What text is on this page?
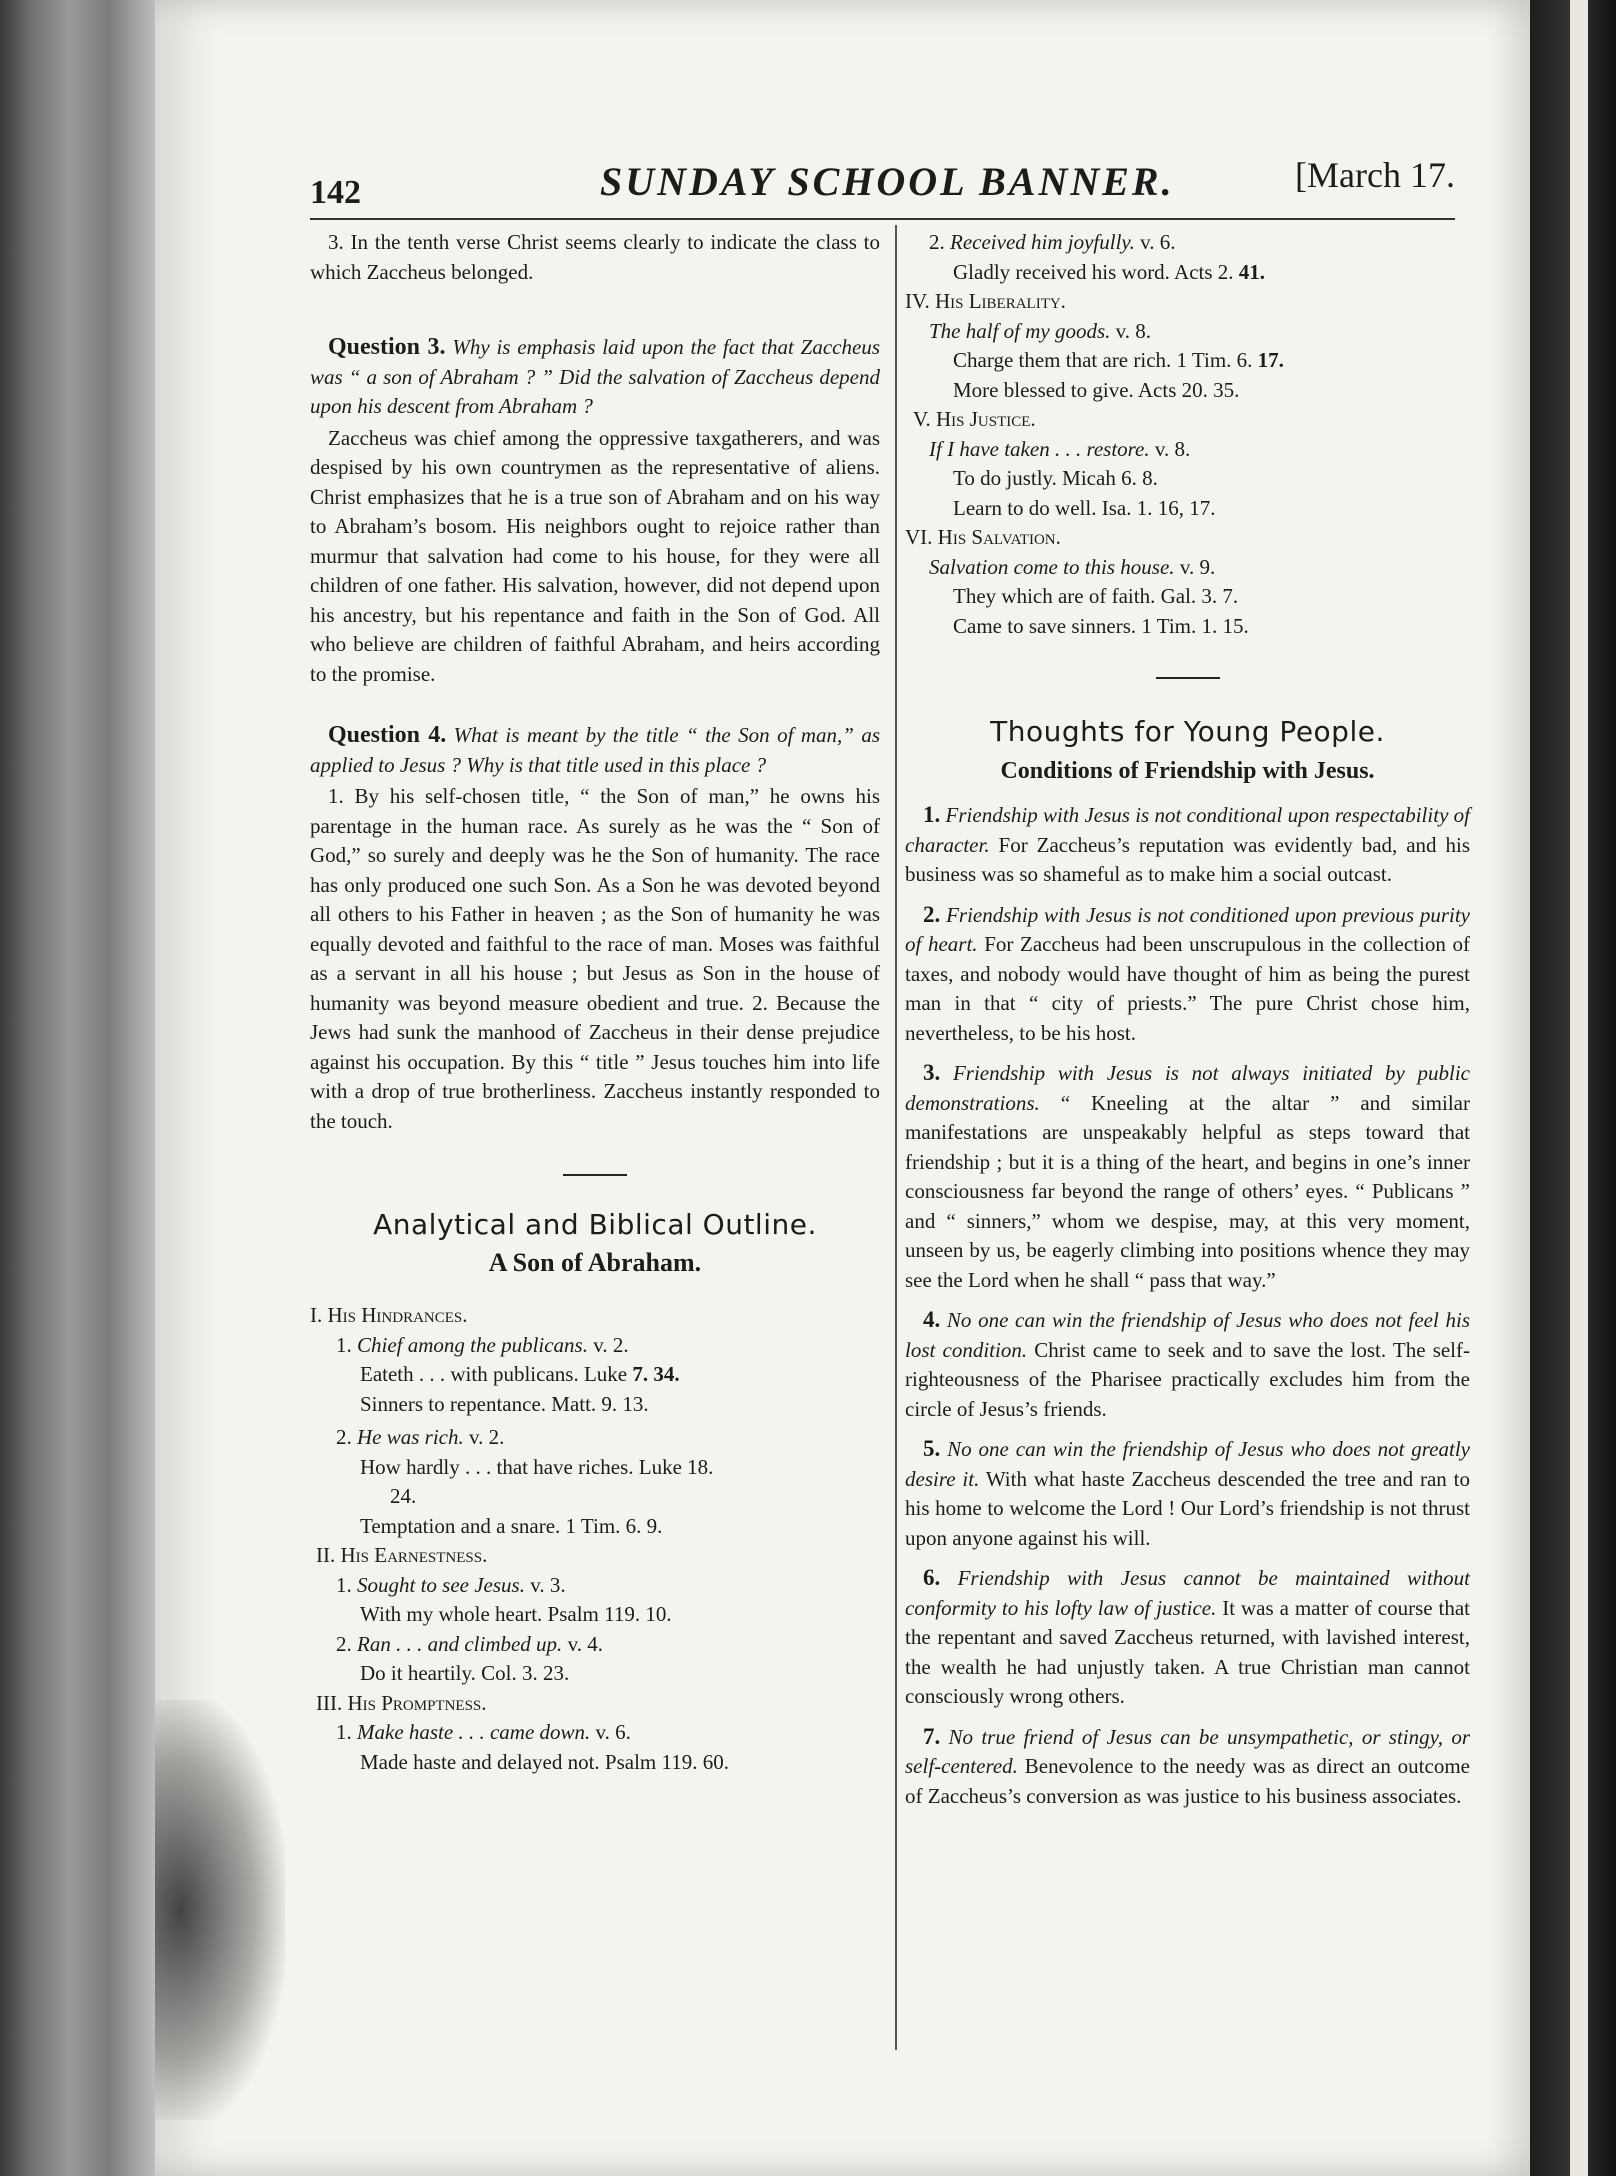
142	SUNDAY SCHOOL BANNER.	[March 17.

3. In the tenth verse Christ seems clearly to indicate the class to which Zaccheus belonged.

Question 3. Why is emphasis laid upon the fact that Zaccheus was “ a son of Abraham ? ” Did the salvation of Zaccheus depend upon his descent from Abraham ?

Zaccheus was chief among the oppressive taxgatherers, and was despised by his own countrymen as the representative of aliens. Christ emphasizes that he is a true son of Abraham and on his way to Abraham’s bosom. His neighbors ought to rejoice rather than murmur that salvation had come to his house, for they were all children of one father. His salvation, however, did not depend upon his ancestry, but his repentance and faith in the Son of God. All who believe are children of faithful Abraham, and heirs according to the promise.

Question 4. What is meant by the title “ the Son of man,” as applied to Jesus ? Why is that title used in this place ?

1. By his self-chosen title, “ the Son of man,” he owns his parentage in the human race. As surely as he was the “ Son of God,” so surely and deeply was he the Son of humanity. The race has only produced one such Son. As a Son he was devoted beyond all others to his Father in heaven ; as the Son of humanity he was equally devoted and faithful to the race of man. Moses was faithful as a servant in all his house ; but Jesus as Son in the house of humanity was beyond measure obedient and true. 2. Because the Jews had sunk the manhood of Zaccheus in their dense prejudice against his occupation. By this “ title ” Jesus touches him into life with a drop of true brotherliness. Zaccheus instantly responded to the touch.

Analytical and Biblical Outline.

A Son of Abraham.

I. His Hindrances.
1. Chief among the publicans. v. 2.
Eateth . . . with publicans. Luke 7. 34.
Sinners to repentance. Matt. 9. 13.
2. He was rich. v. 2.
How hardly . . . that have riches. Luke 18.
24.
Temptation and a snare. 1 Tim. 6. 9.
II. His Earnestness.
1. Sought to see Jesus. v. 3.
With my whole heart. Psalm 119. 10.
2. Ran . . . and climbed up. v. 4.
Do it heartily. Col. 3. 23.
III. His Promptness.
1. Make haste . . . came down. v. 6.
Made haste and delayed not. Psalm 119. 60.
2. Received him joyfully. v. 6.
Gladly received his word. Acts 2. 41.
IV. His Liberality.
The half of my goods. v. 8.
Charge them that are rich. 1 Tim. 6. 17.
More blessed to give. Acts 20. 35.
V. His Justice.
If I have taken . . . restore. v. 8.
To do justly. Micah 6. 8.
Learn to do well. Isa. 1. 16, 17.
VI. His Salvation.
Salvation come to this house. v. 9.
They which are of faith. Gal. 3. 7.
Came to save sinners. 1 Tim. 1. 15.

Thoughts for Young People.

Conditions of Friendship with Jesus.

1. Friendship with Jesus is not conditional upon respectability of character. For Zaccheus’s reputation was evidently bad, and his business was so shameful as to make him a social outcast.

2. Friendship with Jesus is not conditioned upon previous purity of heart. For Zaccheus had been unscrupulous in the collection of taxes, and nobody would have thought of him as being the purest man in that “ city of priests.” The pure Christ chose him, nevertheless, to be his host.

3. Friendship with Jesus is not always initiated by public demonstrations. “ Kneeling at the altar ” and similar manifestations are unspeakably helpful as steps toward that friendship ; but it is a thing of the heart, and begins in one’s inner consciousness far beyond the range of others’ eyes. “ Publicans ” and “ sinners,” whom we despise, may, at this very moment, unseen by us, be eagerly climbing into positions whence they may see the Lord when he shall “ pass that way.”

4. No one can win the friendship of Jesus who does not feel his lost condition. Christ came to seek and to save the lost. The self-righteousness of the Pharisee practically excludes him from the circle of Jesus’s friends.

5. No one can win the friendship of Jesus who does not greatly desire it. With what haste Zaccheus descended the tree and ran to his home to welcome the Lord ! Our Lord’s friendship is not thrust upon anyone against his will.

6. Friendship with Jesus cannot be maintained without conformity to his lofty law of justice. It was a matter of course that the repentant and saved Zaccheus returned, with lavished interest, the wealth he had unjustly taken. A true Christian man cannot consciously wrong others.

7. No true friend of Jesus can be unsympathetic, or stingy, or self-centered. Benevolence to the needy was as direct an outcome of Zaccheus’s conversion as was justice to his business associates.
